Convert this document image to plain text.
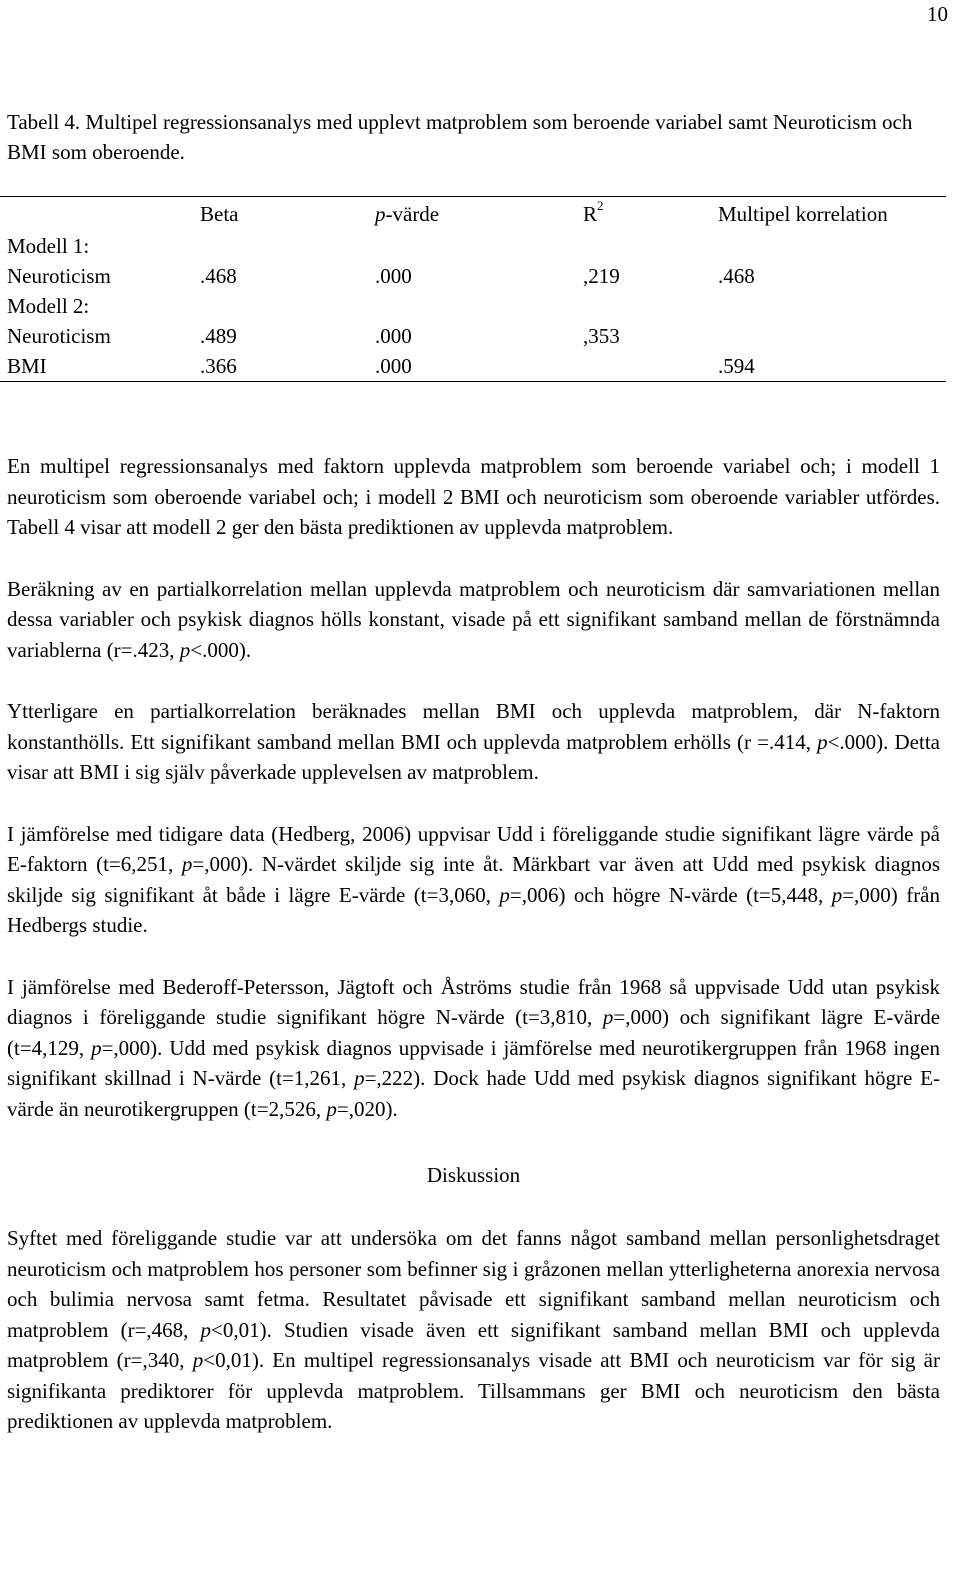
10
Tabell 4. Multipel regressionsanalys med upplevt matproblem som beroende variabel samt Neuroticism och BMI som oberoende.
	Beta	p-värde	$R^2$	Multipel korrelation
Modell 1:				
Neuroticism	.468	.000	,219	.468
Modell 2:				
Neuroticism	.489	.000	,353	
BMI	.366	.000		.594

En multipel regressionsanalys med faktorn upplevda matproblem som beroende variabel och; i modell 1 neuroticism som oberoende variabel och; i modell 2 BMI och neuroticism som oberoende variabler utfördes. Tabell 4 visar att modell 2 ger den bästa prediktionen av upplevda matproblem.

Beräkning av en partialkorrelation mellan upplevda matproblem och neuroticism där samvariationen mellan dessa variabler och psykisk diagnos hölls konstant, visade på ett signifikant samband mellan de förstnämnda variablerna (r=.423, p<.000).

Ytterligare en partialkorrelation beräknades mellan BMI och upplevda matproblem, där N-faktorn konstanthölls. Ett signifikant samband mellan BMI och upplevda matproblem erhölls (r =.414, p<.000). Detta visar att BMI i sig själv påverkade upplevelsen av matproblem.

I jämförelse med tidigare data (Hedberg, 2006) uppvisar Udd i föreliggande studie signifikant lägre värde på E-faktorn (t=6,251, p=,000). N-värdet skiljde sig inte åt. Märkbart var även att Udd med psykisk diagnos skiljde sig signifikant åt både i lägre E-värde (t=3,060, p=,006) och högre N-värde (t=5,448, p=,000) från Hedbergs studie.

I jämförelse med Bederoff-Petersson, Jägtoft och Åströms studie från 1968 så uppvisade Udd utan psykisk diagnos i föreliggande studie signifikant högre N-värde (t=3,810, p=,000) och signifikant lägre E-värde (t=4,129, p=,000). Udd med psykisk diagnos uppvisade i jämförelse med neurotikergruppen från 1968 ingen signifikant skillnad i N-värde (t=1,261, p=,222). Dock hade Udd med psykisk diagnos signifikant högre E-värde än neurotikergruppen (t=2,526, p=,020).

Diskussion

Syftet med föreliggande studie var att undersöka om det fanns något samband mellan personlighetsdraget neuroticism och matproblem hos personer som befinner sig i gråzonen mellan ytterligheterna anorexia nervosa och bulimia nervosa samt fetma. Resultatet påvisade ett signifikant samband mellan neuroticism och matproblem (r=,468, p<0,01). Studien visade även ett signifikant samband mellan BMI och upplevda matproblem (r=,340, p<0,01). En multipel regressionsanalys visade att BMI och neuroticism var för sig är signifikanta prediktorer för upplevda matproblem. Tillsammans ger BMI och neuroticism den bästa prediktionen av upplevda matproblem.
